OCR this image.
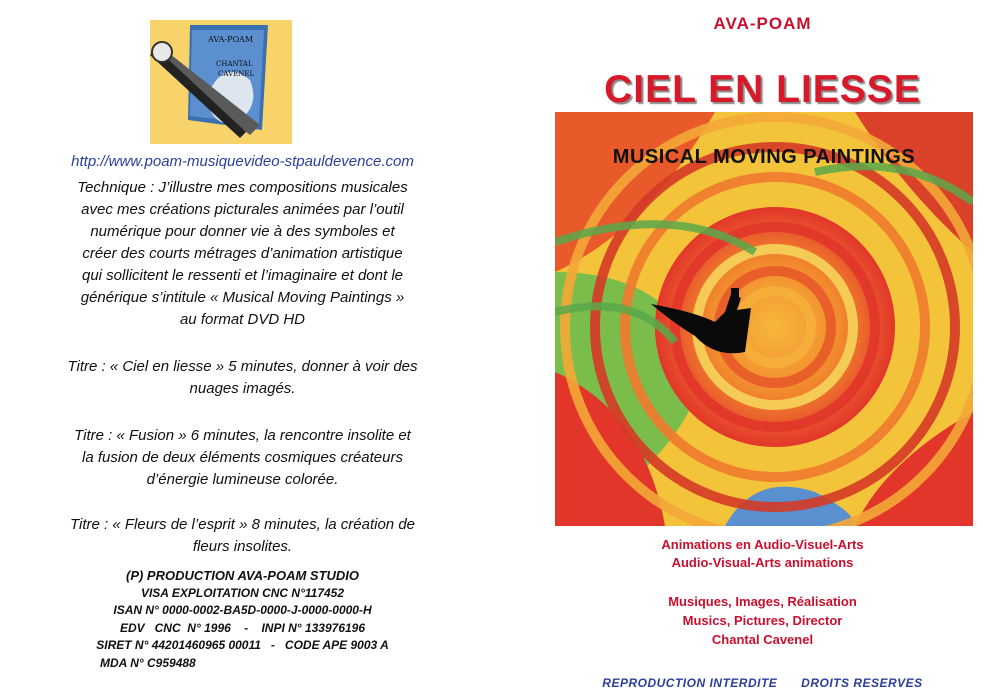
AVA-POAM
CHANTAL
CAVENEL
http://www.poam-musiquevideo-stpauldevence.com

Technique : J’illustre mes compositions musicales

avec mes créations picturales animées par l’outil

numérique pour donner vie à des symboles et

créer des courts métrages d’animation artistique

qui sollicitent le ressenti et l’imaginaire et dont le

générique s’intitule « Musical Moving Paintings »

au format DVD HD

Titre : « Ciel en liesse » 5 minutes, donner à voir des

nuages imagés.

Titre : « Fusion » 6 minutes, la rencontre insolite et

la fusion de deux éléments cosmiques créateurs

d’énergie lumineuse colorée.

Titre : « Fleurs de l’esprit » 8 minutes, la création de

fleurs insolites.

(P) PRODUCTION AVA-POAM STUDIO
VISA EXPLOITATION CNC N°117452
ISAN N° 0000-0002-BA5D-0000-J-0000-0000-H
EDV   CNC  N° 1996    -    INPI N° 133976196
SIRET N° 44201460965 00011   -   CODE APE 9003 A
MDA N° C959488
AVA-POAM
CIEL EN LIESSE
MUSICAL MOVING PAINTINGS
Animations en Audio-Visuel-Arts
Audio-Visual-Arts animations
Musiques, Images, Réalisation
Musics, Pictures, Director
Chantal Cavenel
REPRODUCTION INTERDITE DROITS RESERVES
